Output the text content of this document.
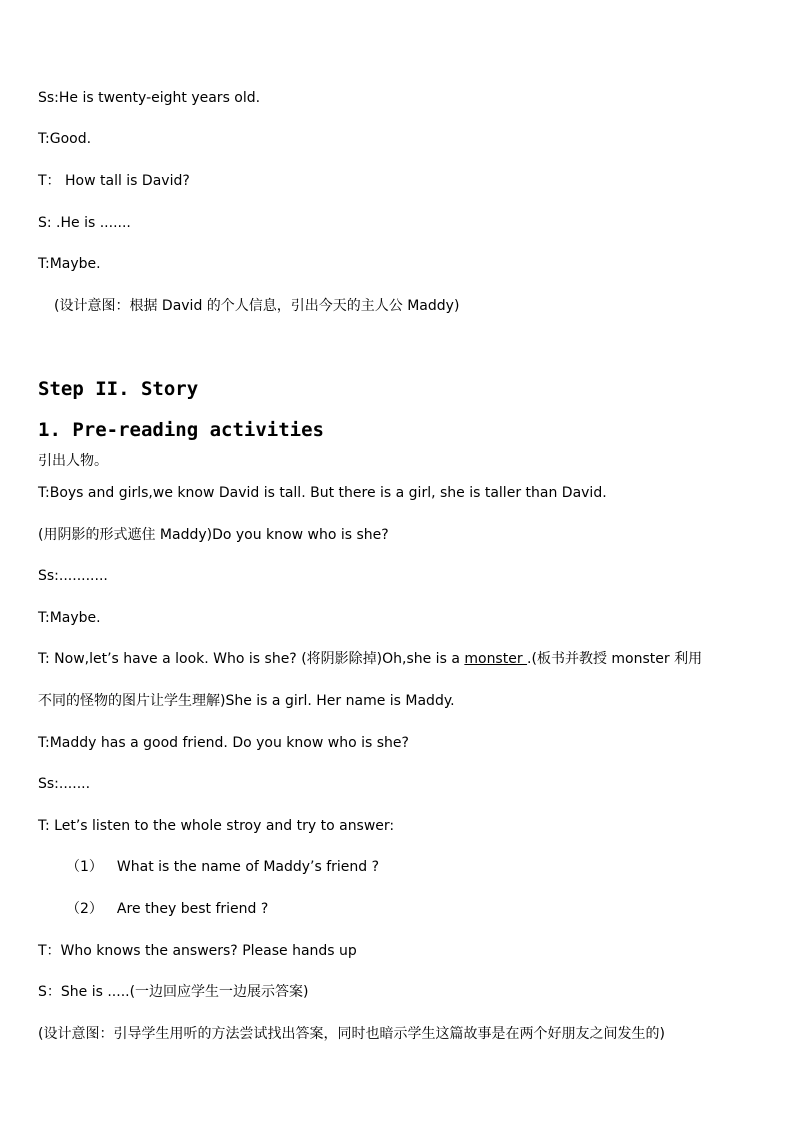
Ss:He is twenty-eight years old.
T:Good.
T： How tall is David?
S: .He is .......
T:Maybe.
(设计意图：根据 David 的个人信息，引出今天的主人公 Maddy)
Step II. Story
1. Pre-reading activities
引出人物。
T:Boys and girls,we know David is tall. But there is a girl, she is taller than David.
(用阴影的形式遮住 Maddy)Do you know who is she?
Ss:...........
T:Maybe.
T: Now,let’s have a look. Who is she? (将阴影除掉)Oh,she is a monster .(板书并教授 monster 利用
不同的怪物的图片让学生理解)She is a girl. Her name is Maddy.
T:Maddy has a good friend. Do you know who is she?
Ss:.......
T: Let’s listen to the whole stroy and try to answer:
（1） What is the name of Maddy’s friend ?
（2） Are they best friend ?
T：Who knows the answers? Please hands up
S：She is .....(一边回应学生一边展示答案)
(设计意图：引导学生用听的方法尝试找出答案，同时也暗示学生这篇故事是在两个好朋友之间发生的)
